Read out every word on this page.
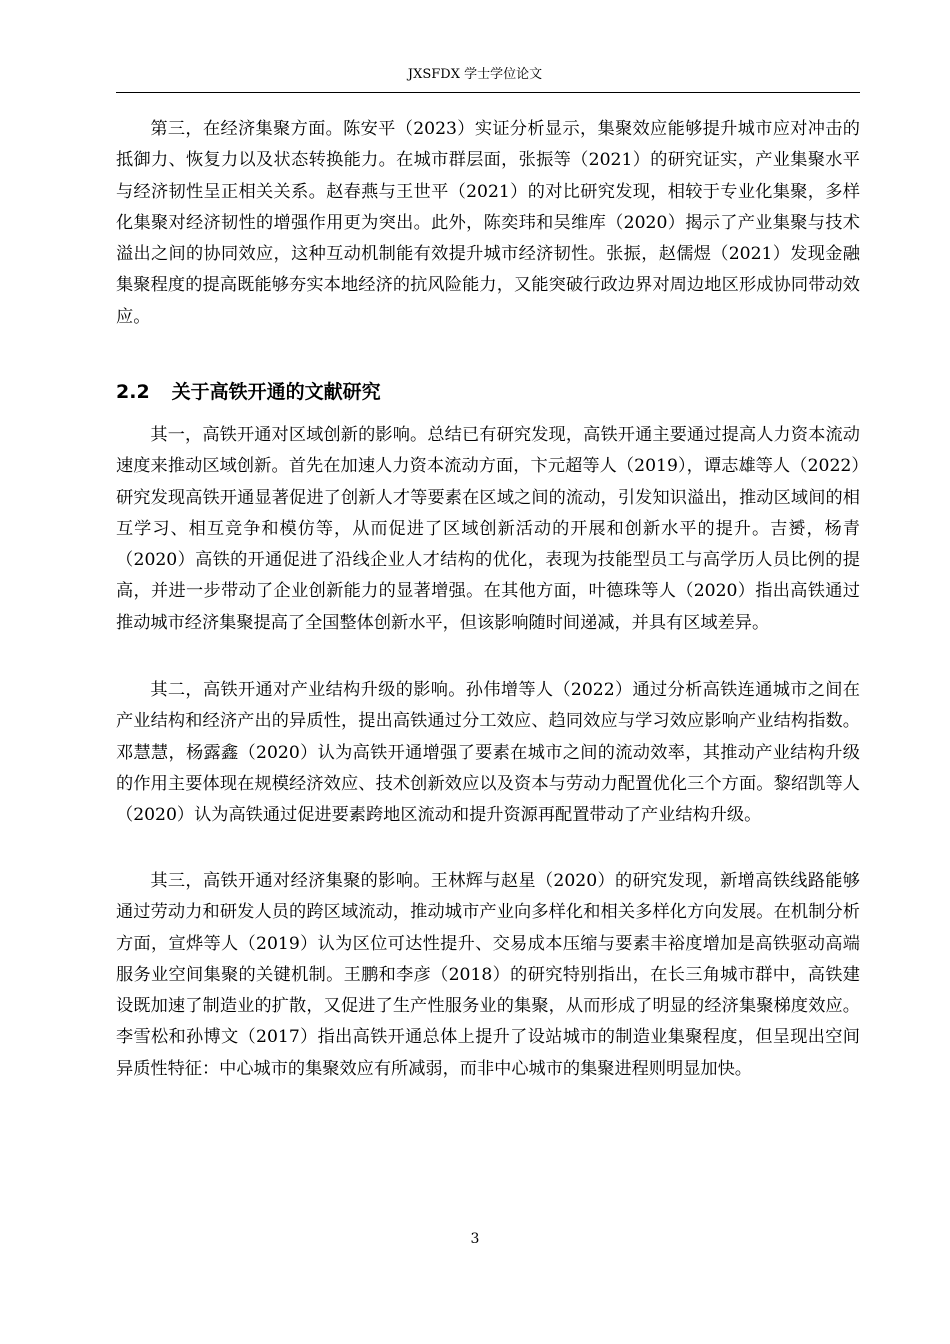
JXSFDX 学士学位论文

第三，在经济集聚方面。陈安平（2023）实证分析显示，集聚效应能够提升城市应对冲击的抵御力、恢复力以及状态转换能力。在城市群层面，张振等（2021）的研究证实，产业集聚水平与经济韧性呈正相关关系。赵春燕与王世平（2021）的对比研究发现，相较于专业化集聚，多样化集聚对经济韧性的增强作用更为突出。此外，陈奕玮和吴维库（2020）揭示了产业集聚与技术溢出之间的协同效应，这种互动机制能有效提升城市经济韧性。张振，赵儒煜（2021）发现金融集聚程度的提高既能够夯实本地经济的抗风险能力，又能突破行政边界对周边地区形成协同带动效应。

2.2 关于高铁开通的文献研究

其一，高铁开通对区域创新的影响。总结已有研究发现，高铁开通主要通过提高人力资本流动速度来推动区域创新。首先在加速人力资本流动方面，卞元超等人（2019），谭志雄等人（2022）研究发现高铁开通显著促进了创新人才等要素在区域之间的流动，引发知识溢出，推动区域间的相互学习、相互竞争和模仿等，从而促进了区域创新活动的开展和创新水平的提升。吉赟，杨青（2020）高铁的开通促进了沿线企业人才结构的优化，表现为技能型员工与高学历人员比例的提高，并进一步带动了企业创新能力的显著增强。在其他方面，叶德珠等人（2020）指出高铁通过推动城市经济集聚提高了全国整体创新水平，但该影响随时间递减，并具有区域差异。

其二，高铁开通对产业结构升级的影响。孙伟增等人（2022）通过分析高铁连通城市之间在产业结构和经济产出的异质性，提出高铁通过分工效应、趋同效应与学习效应影响产业结构指数。邓慧慧，杨露鑫（2020）认为高铁开通增强了要素在城市之间的流动效率，其推动产业结构升级的作用主要体现在规模经济效应、技术创新效应以及资本与劳动力配置优化三个方面。黎绍凯等人（2020）认为高铁通过促进要素跨地区流动和提升资源再配置带动了产业结构升级。

其三，高铁开通对经济集聚的影响。王林辉与赵星（2020）的研究发现，新增高铁线路能够通过劳动力和研发人员的跨区域流动，推动城市产业向多样化和相关多样化方向发展。在机制分析方面，宣烨等人（2019）认为区位可达性提升、交易成本压缩与要素丰裕度增加是高铁驱动高端服务业空间集聚的关键机制。王鹏和李彦（2018）的研究特别指出，在长三角城市群中，高铁建设既加速了制造业的扩散，又促进了生产性服务业的集聚，从而形成了明显的经济集聚梯度效应。李雪松和孙博文（2017）指出高铁开通总体上提升了设站城市的制造业集聚程度，但呈现出空间异质性特征：中心城市的集聚效应有所减弱，而非中心城市的集聚进程则明显加快。

3
